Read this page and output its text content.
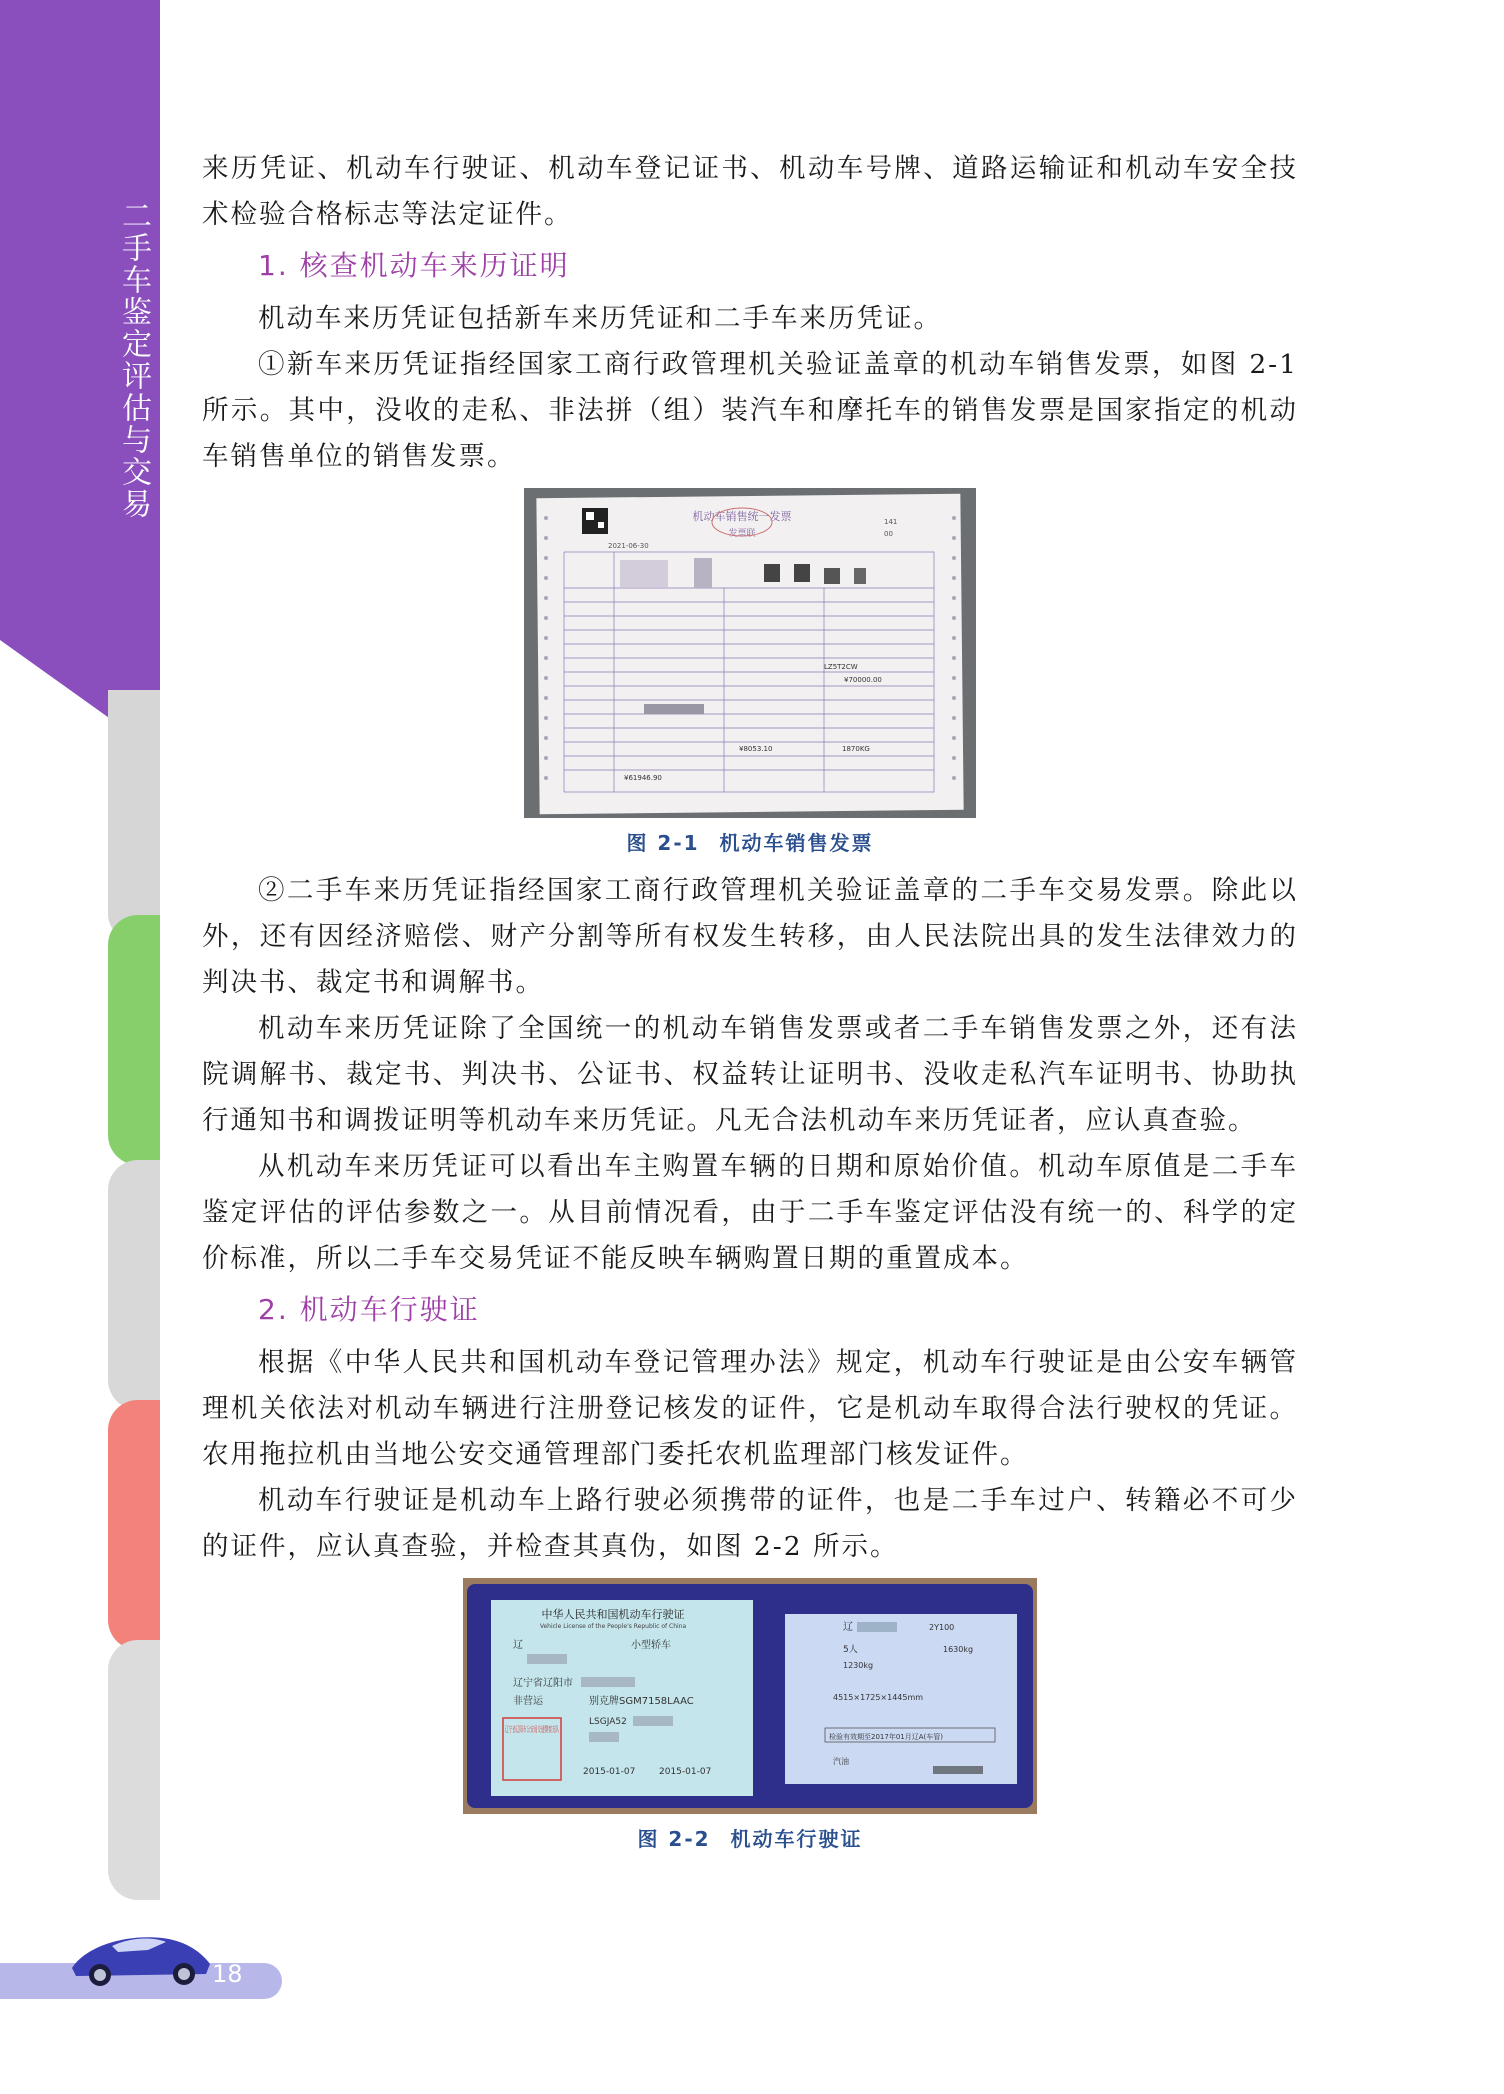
二手车鉴定评估与交易

来历凭证、机动车行驶证、机动车登记证书、机动车号牌、道路运输证和机动车安全技术检验合格标志等法定证件。

1. 核查机动车来历证明

机动车来历凭证包括新车来历凭证和二手车来历凭证。

①新车来历凭证指经国家工商行政管理机关验证盖章的机动车销售发票，如图 2-1 所示。其中，没收的走私、非法拼（组）装汽车和摩托车的销售发票是国家指定的机动车销售单位的销售发票。

机动车销售统一发票
发票联
2021-06-30
141
00
LZ5T2CW
¥70000.00
¥8053.10
¥61946.90
1870KG
图 2-1 机动车销售发票

②二手车来历凭证指经国家工商行政管理机关验证盖章的二手车交易发票。除此以外，还有因经济赔偿、财产分割等所有权发生转移，由人民法院出具的发生法律效力的判决书、裁定书和调解书。

机动车来历凭证除了全国统一的机动车销售发票或者二手车销售发票之外，还有法院调解书、裁定书、判决书、公证书、权益转让证明书、没收走私汽车证明书、协助执行通知书和调拨证明等机动车来历凭证。凡无合法机动车来历凭证者，应认真查验。

从机动车来历凭证可以看出车主购置车辆的日期和原始价值。机动车原值是二手车鉴定评估的评估参数之一。从目前情况看，由于二手车鉴定评估没有统一的、科学的定价标准，所以二手车交易凭证不能反映车辆购置日期的重置成本。

2. 机动车行驶证

根据《中华人民共和国机动车登记管理办法》规定，机动车行驶证是由公安车辆管理机关依法对机动车辆进行注册登记核发的证件，它是机动车取得合法行驶权的凭证。农用拖拉机由当地公安交通管理部门委托农机监理部门核发证件。

机动车行驶证是机动车上路行驶必须携带的证件，也是二手车过户、转籍必不可少的证件，应认真查验，并检查其真伪，如图 2-2 所示。

中华人民共和国机动车行驶证
Vehicle License of the People's Republic of China
辽	小型轿车
辽宁省辽阳市
非营运	别克牌SGM7158LAAC
LSGJA52
2015-01-07	2015-01-07
辽	2Y100
5人	1630kg
1230kg
4515×1725×1445mm
检验有效期至2017年01月辽A(车管)
汽油
图 2-2 机动车行驶证
18
